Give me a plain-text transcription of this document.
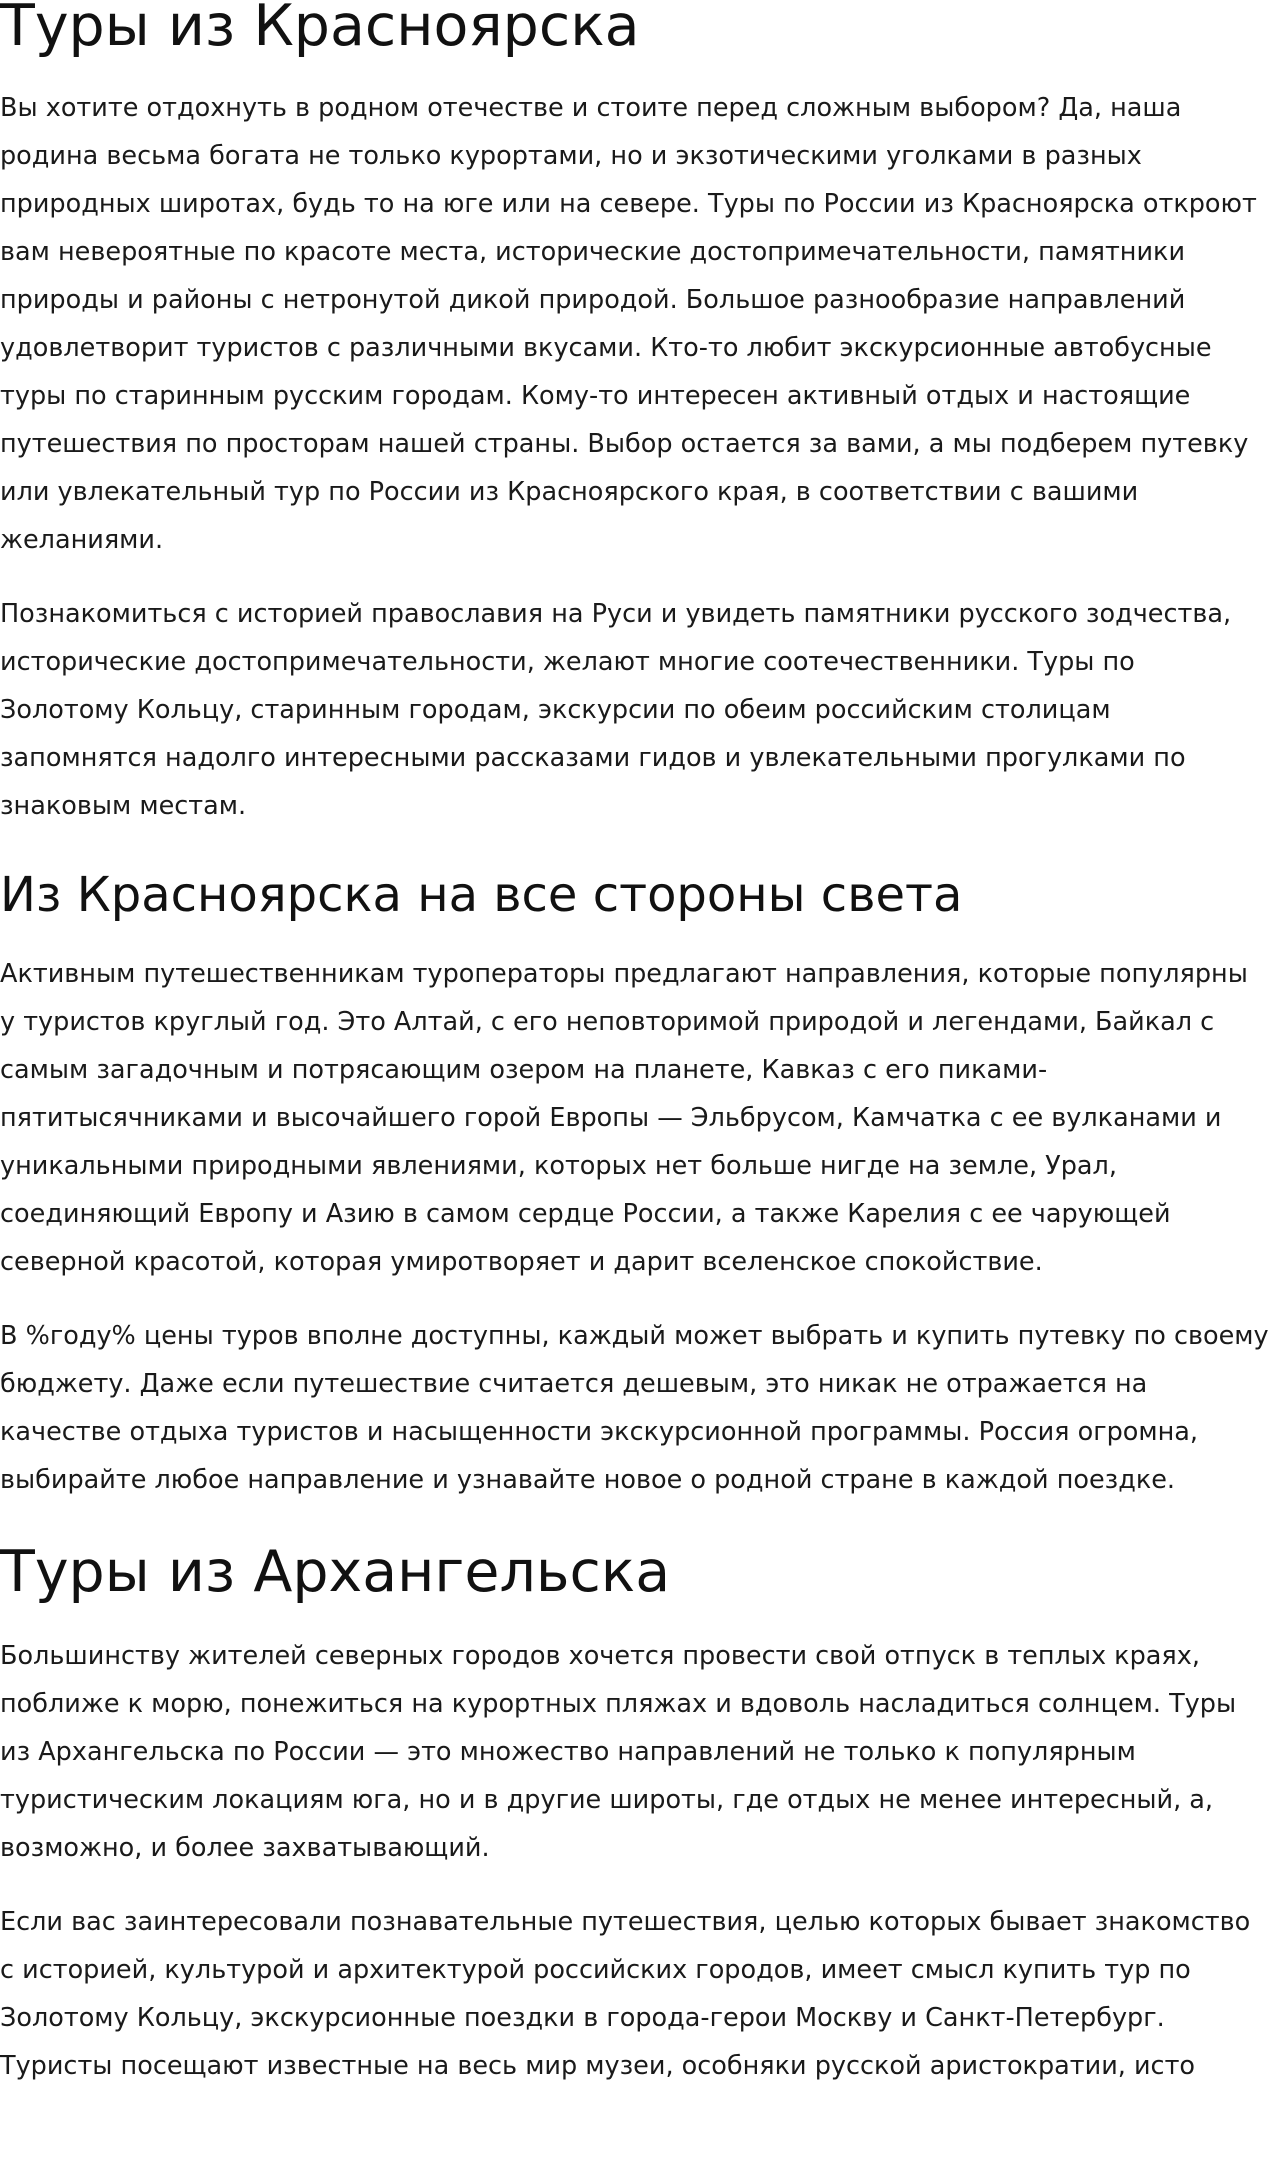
Туры из Красноярска

Вы хотите отдохнуть в родном отечестве и стоите перед сложным выбором? Да, наша родина весьма богата не только курортами, но и экзотическими уголками в разных природных широтах, будь то на юге или на севере. Туры по России из Красноярска откроют вам невероятные по красоте места, исторические достопримечательности, памятники природы и районы с нетронутой дикой природой. Большое разнообразие направлений удовлетворит туристов с различными вкусами. Кто-то любит экскурсионные автобусные туры по старинным русским городам. Кому-то интересен активный отдых и настоящие путешествия по просторам нашей страны. Выбор остается за вами, а мы подберем путевку или увлекательный тур по России из Красноярского края, в соответствии с вашими желаниями.

Познакомиться с историей православия на Руси и увидеть памятники русского зодчества, исторические достопримечательности, желают многие соотечественники. Туры по Золотому Кольцу, старинным городам, экскурсии по обеим российским столицам запомнятся надолго интересными рассказами гидов и увлекательными прогулками по знаковым местам.

Из Красноярска на все стороны света

Активным путешественникам туроператоры предлагают направления, которые популярны у туристов круглый год. Это Алтай, с его неповторимой природой и легендами, Байкал с самым загадочным и потрясающим озером на планете, Кавказ с его пиками-пятитысячниками и высочайшего горой Европы — Эльбрусом, Камчатка с ее вулканами и уникальными природными явлениями, которых нет больше нигде на земле, Урал, соединяющий Европу и Азию в самом сердце России, а также Карелия с ее чарующей северной красотой, которая умиротворяет и дарит вселенское спокойствие.

В %году% цены туров вполне доступны, каждый может выбрать и купить путевку по своему бюджету. Даже если путешествие считается дешевым, это никак не отражается на качестве отдыха туристов и насыщенности экскурсионной программы. Россия огромна, выбирайте любое направление и узнавайте новое о родной стране в каждой поездке.

Туры из Архангельска

Большинству жителей северных городов хочется провести свой отпуск в теплых краях, поближе к морю, понежиться на курортных пляжах и вдоволь насладиться солнцем. Туры из Архангельска по России — это множество направлений не только к популярным туристическим локациям юга, но и в другие широты, где отдых не менее интересный, а, возможно, и более захватывающий.

Если вас заинтересовали познавательные путешествия, целью которых бывает знакомство с историей, культурой и архитектурой российских городов, имеет смысл купить тур по Золотому Кольцу, экскурсионные поездки в города-герои Москву и Санкт-Петербург. Туристы посещают известные на весь мир музеи, особняки русской аристократии, исто
